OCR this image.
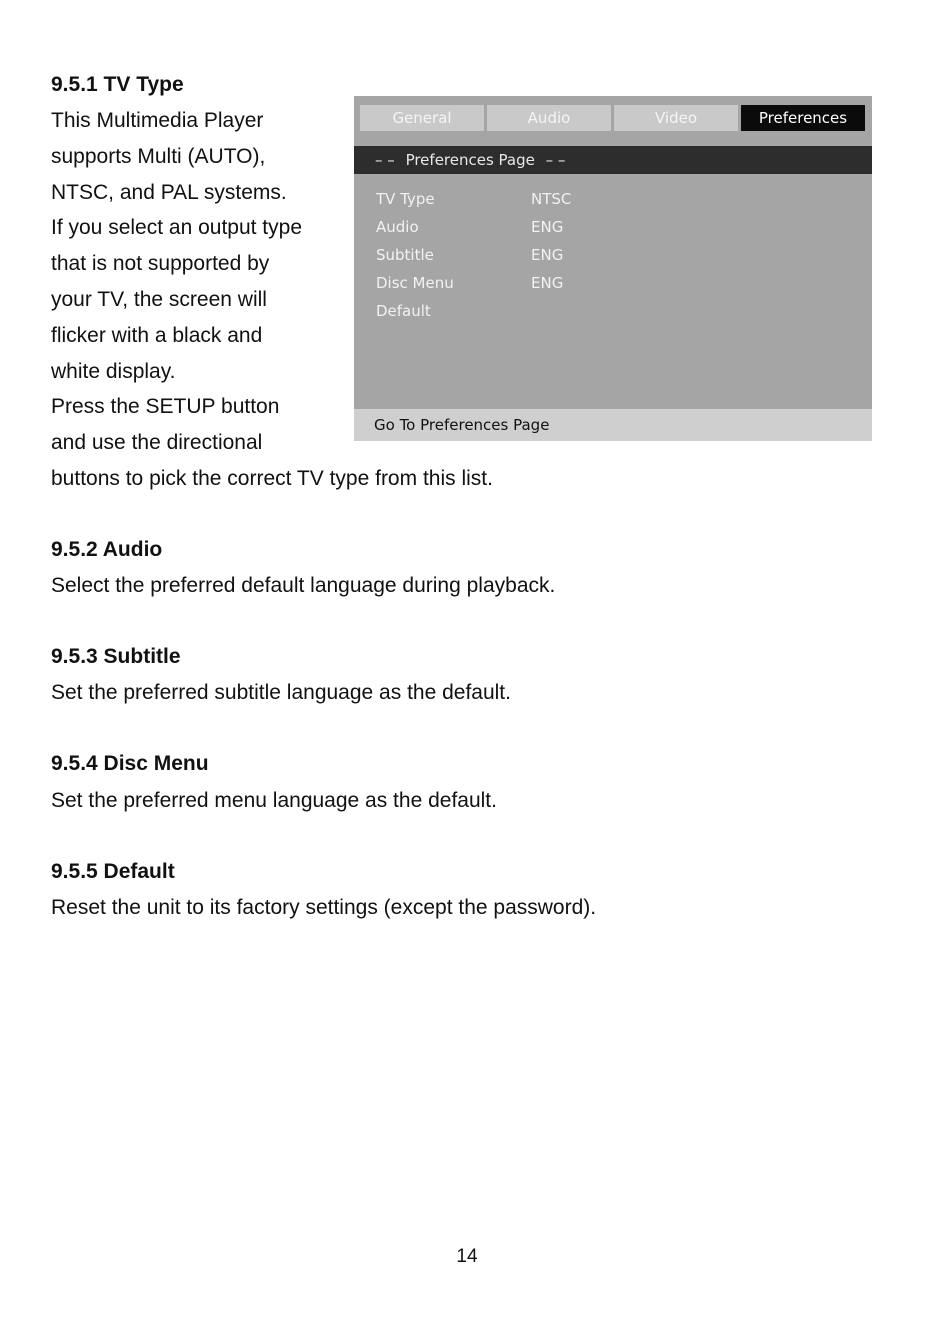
9.5.1 TV Type
This Multimedia Player
supports Multi (AUTO),
NTSC, and PAL systems.
If you select an output type
that is not supported by
your TV, the screen will
flicker with a black and
white display.
Press the SETUP button
and use the directional
buttons to pick the correct TV type from this list.
General	Audio	Video	Preferences
– – Preferences Page – –
TV Type	NTSC
Audio	ENG
Subtitle	ENG
Disc Menu	ENG
Default
Go To Preferences Page
9.5.2 Audio

Select the preferred default language during playback.

9.5.3 Subtitle

Set the preferred subtitle language as the default.

9.5.4 Disc Menu

Set the preferred menu language as the default.

9.5.5 Default

Reset the unit to its factory settings (except the password).

14
